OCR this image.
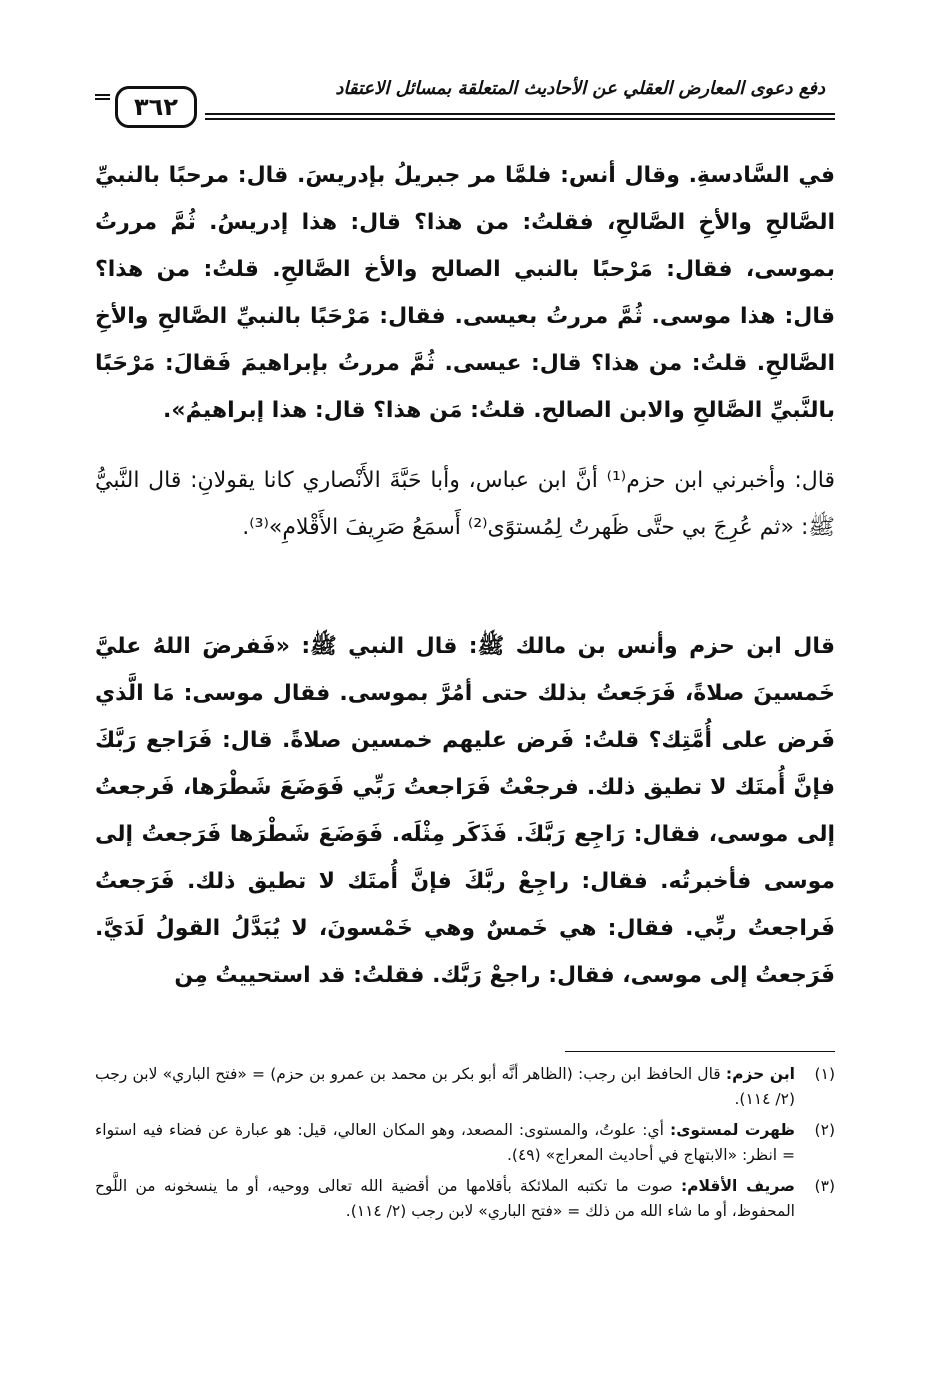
٣٦٢
دفع دعوى المعارض العقلي عن الأحاديث المتعلقة بمسائل الاعتقاد

في السَّادسةِ. وقال أنس: فلمَّا مر جبريلُ بإدريسَ. قال: مرحبًا بالنبيِّ الصَّالحِ والأخِ الصَّالحِ، فقلتُ: من هذا؟ قال: هذا إدريسُ. ثُمَّ مررتُ بموسى، فقال: مَرْحبًا بالنبي الصالح والأخ الصَّالحِ. قلتُ: من هذا؟ قال: هذا موسى. ثُمَّ مررتُ بعيسى. فقال: مَرْحَبًا بالنبيِّ الصَّالحِ والأخِ الصَّالحِ. قلتُ: من هذا؟ قال: عيسى. ثُمَّ مررتُ بإبراهيمَ فَقالَ: مَرْحَبًا بالنَّبيِّ الصَّالحِ والابن الصالح. قلتُ: مَن هذا؟ قال: هذا إبراهيمُ».

قال: وأخبرني ابن حزم⁽¹⁾ أنَّ ابن عباس، وأبا حَبَّةَ الأَنْصاري كانا يقولانِ: قال النَّبيُّ ﷺ: «ثم عُرِجَ بي حتَّى ظَهرتُ لِمُستوًى⁽²⁾ أَسمَعُ صَرِيفَ الأَقْلامِ»⁽³⁾.

قال ابن حزم وأنس بن مالك ﷺ: قال النبي ﷺ: «فَفرضَ اللهُ عليَّ خَمسينَ صلاةً، فَرَجَعتُ بذلك حتى أمُرَّ بموسى. فقال موسى: مَا الَّذي فَرض على أُمَّتِك؟ قلتُ: فَرض عليهم خمسين صلاةً. قال: فَرَاجع رَبَّكَ فإنَّ أُمتَك لا تطيق ذلك. فرجعْتُ فَرَاجعتُ رَبِّي فَوَضَعَ شَطْرَها، فَرجعتُ إلى موسى، فقال: رَاجِع رَبَّكَ. فَذَكَر مِثْلَه. فَوَضَعَ شَطْرَها فَرَجعتُ إلى موسى فأخبرتُه. فقال: راجِعْ ربَّكَ فإنَّ أُمتَك لا تطيق ذلك. فَرَجعتُ فَراجعتُ ربِّي. فقال: هي خَمسٌ وهي خَمْسونَ، لا يُبَدَّلُ القولُ لَدَيَّ. فَرَجعتُ إلى موسى، فقال: راجعْ رَبَّك. فقلتُ: قد استحييتُ مِن

(١)
ابن حزم: قال الحافظ ابن رجب: (الظاهر أنَّه أبو بكر بن محمد بن عمرو بن حزم) = «فتح الباري» لابن رجب (٢/ ١١٤).
(٢)
ظهرت لمستوى: أي: علوتُ، والمستوى: المصعد، وهو المكان العالي، قيل: هو عبارة عن فضاء فيه استواء = انظر: «الابتهاج في أحاديث المعراج» (٤٩).
(٣)
صريف الأقلام: صوت ما تكتبه الملائكة بأقلامها من أقضية الله تعالى ووحيه، أو ما ينسخونه من اللَّوح المحفوظ، أو ما شاء الله من ذلك = «فتح الباري» لابن رجب (٢/ ١١٤).
